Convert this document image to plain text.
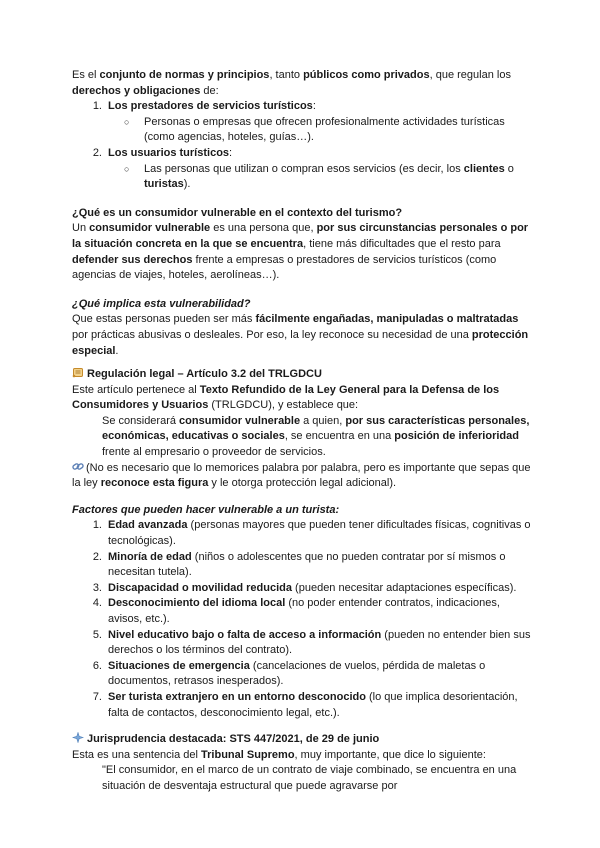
Es el conjunto de normas y principios, tanto públicos como privados, que regulan los derechos y obligaciones de:

1. Los prestadores de servicios turísticos:
○	Personas o empresas que ofrecen profesionalmente actividades turísticas (como agencias, hoteles, guías…).
2. Los usuarios turísticos:
○	Las personas que utilizan o compran esos servicios (es decir, los clientes o turistas).

¿Qué es un consumidor vulnerable en el contexto del turismo?

Un consumidor vulnerable es una persona que, por sus circunstancias personales o por la situación concreta en la que se encuentra, tiene más dificultades que el resto para defender sus derechos frente a empresas o prestadores de servicios turísticos (como agencias de viajes, hoteles, aerolíneas…).

¿Qué implica esta vulnerabilidad?

Que estas personas pueden ser más fácilmente engañadas, manipuladas o maltratadas por prácticas abusivas o desleales. Por eso, la ley reconoce su necesidad de una protección especial.

Regulación legal – Artículo 3.2 del TRLGDCU

Este artículo pertenece al Texto Refundido de la Ley General para la Defensa de los Consumidores y Usuarios (TRLGDCU), y establece que:

Se considerará consumidor vulnerable a quien, por sus características personales, económicas, educativas o sociales, se encuentra en una posición de inferioridad frente al empresario o proveedor de servicios.

(No es necesario que lo memorices palabra por palabra, pero es importante que sepas que la ley reconoce esta figura y le otorga protección legal adicional).

Factores que pueden hacer vulnerable a un turista:

1. Edad avanzada (personas mayores que pueden tener dificultades físicas, cognitivas o tecnológicas).
2. Minoría de edad (niños o adolescentes que no pueden contratar por sí mismos o necesitan tutela).
3. Discapacidad o movilidad reducida (pueden necesitar adaptaciones específicas).
4. Desconocimiento del idioma local (no poder entender contratos, indicaciones, avisos, etc.).
5. Nivel educativo bajo o falta de acceso a información (pueden no entender bien sus derechos o los términos del contrato).
6. Situaciones de emergencia (cancelaciones de vuelos, pérdida de maletas o documentos, retrasos inesperados).
7. Ser turista extranjero en un entorno desconocido (lo que implica desorientación, falta de contactos, desconocimiento legal, etc.).

Jurisprudencia destacada: STS 447/2021, de 29 de junio

Esta es una sentencia del Tribunal Supremo, muy importante, que dice lo siguiente:

"El consumidor, en el marco de un contrato de viaje combinado, se encuentra en una situación de desventaja estructural que puede agravarse por
